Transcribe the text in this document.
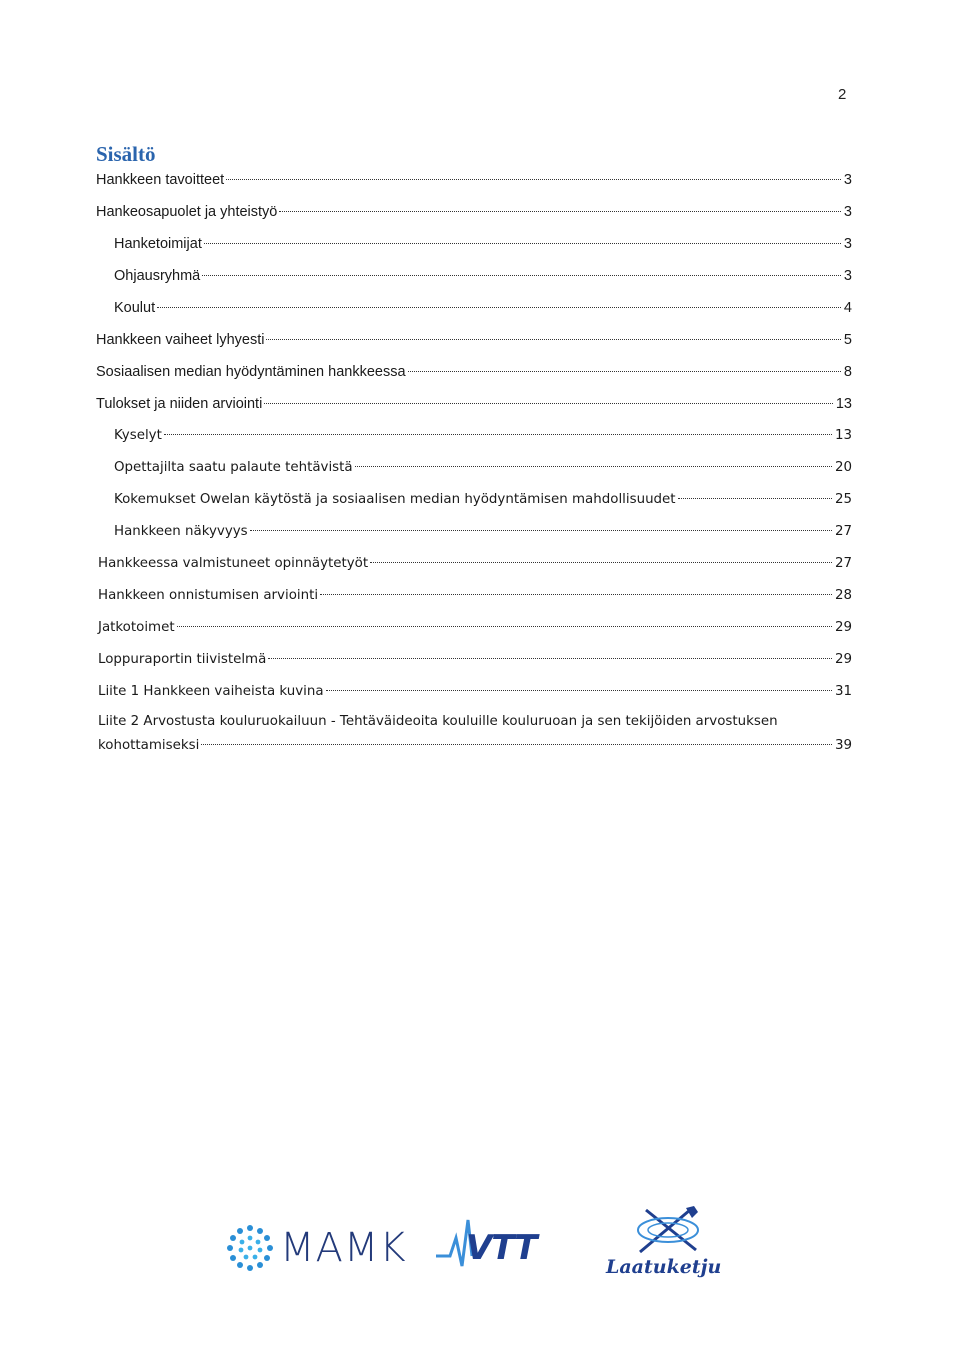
2
Sisältö
Hankkeen tavoitteet	3
Hankeosapuolet ja yhteistyö	3
Hanketoimijat	3
Ohjausryhmä	3
Koulut	4
Hankkeen vaiheet lyhyesti	5
Sosiaalisen median hyödyntäminen hankkeessa	8
Tulokset ja niiden arviointi	13
Kyselyt	13
Opettajilta saatu palaute tehtävistä	20
Kokemukset Owelan käytöstä ja sosiaalisen median hyödyntämisen mahdollisuudet	25
Hankkeen näkyvyys	27
Hankkeessa valmistuneet opinnäytetyöt	27
Hankkeen onnistumisen arviointi	28
Jatkotoimet	29
Loppuraportin tiivistelmä	29
Liite 1 Hankkeen vaiheista kuvina	31
Liite 2 Arvostusta kouluruokailuun - Tehtäväideoita kouluille kouluruoan ja sen tekijöiden arvostuksen
kohottamiseksi	39
MAMK VTT	Laatuketju
